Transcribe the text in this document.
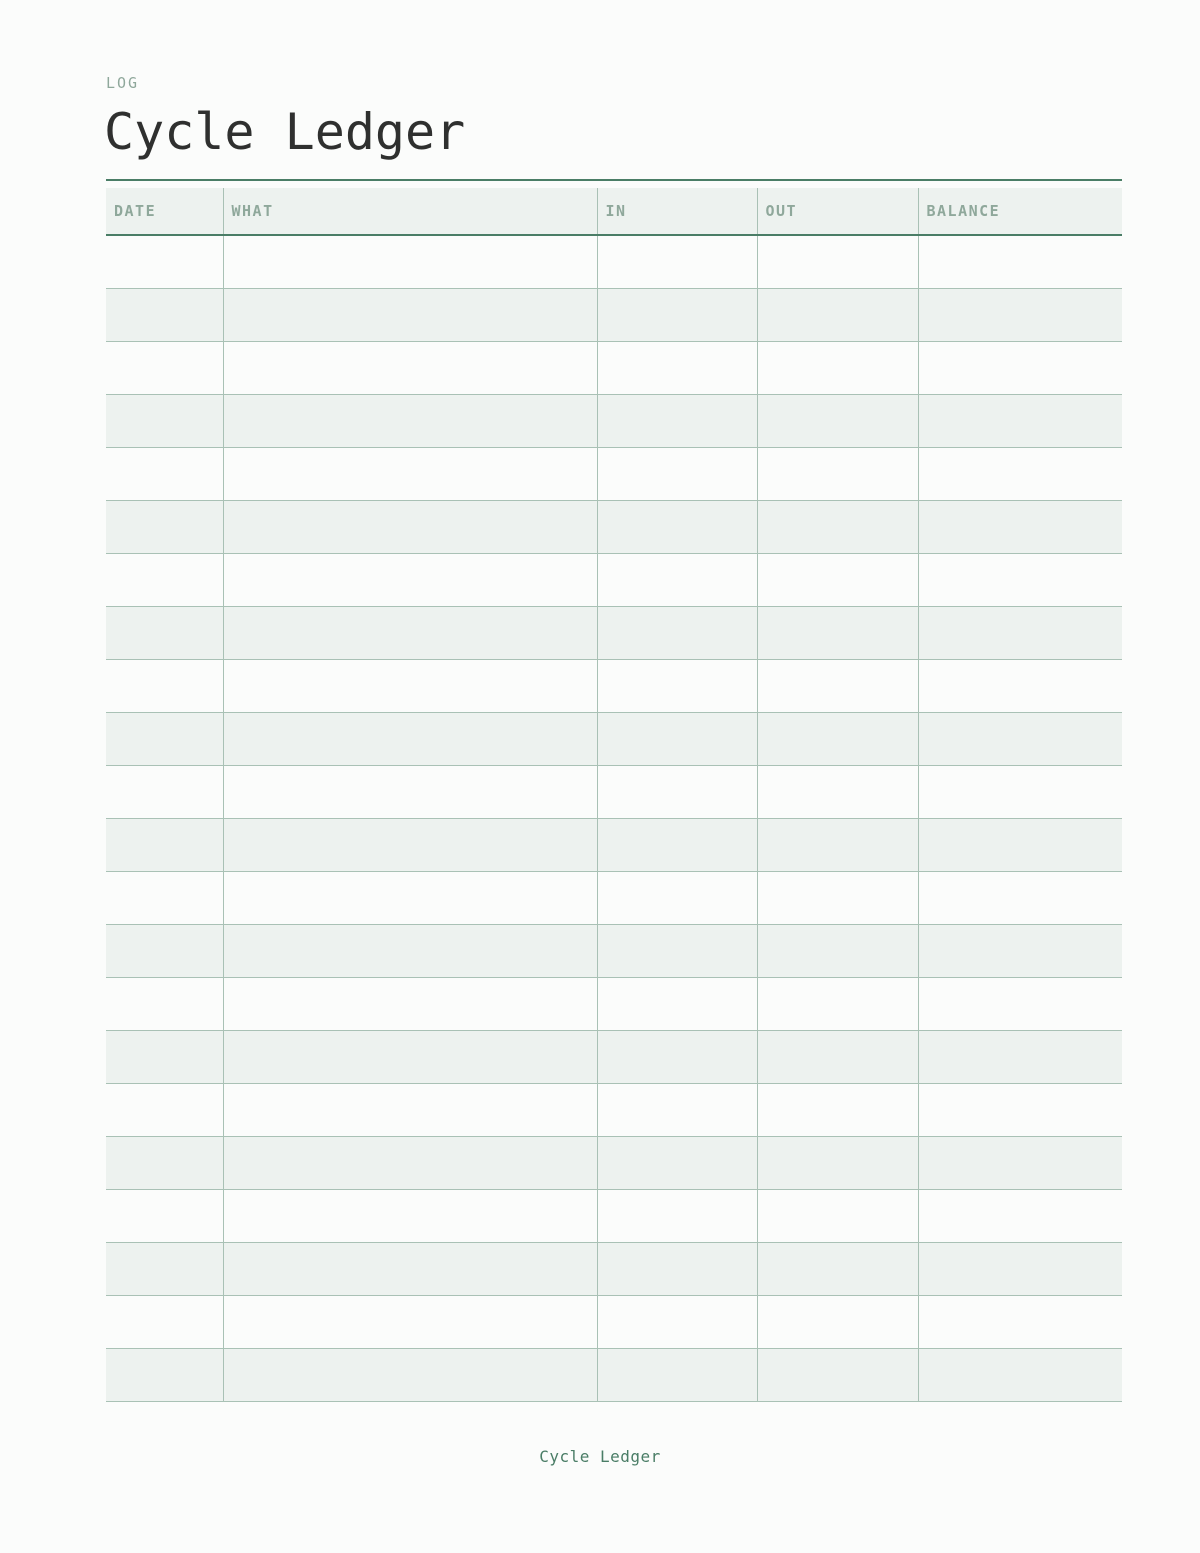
LOG

Cycle Ledger
DATE	WHAT	IN	OUT	BALANCE

Cycle Ledger
